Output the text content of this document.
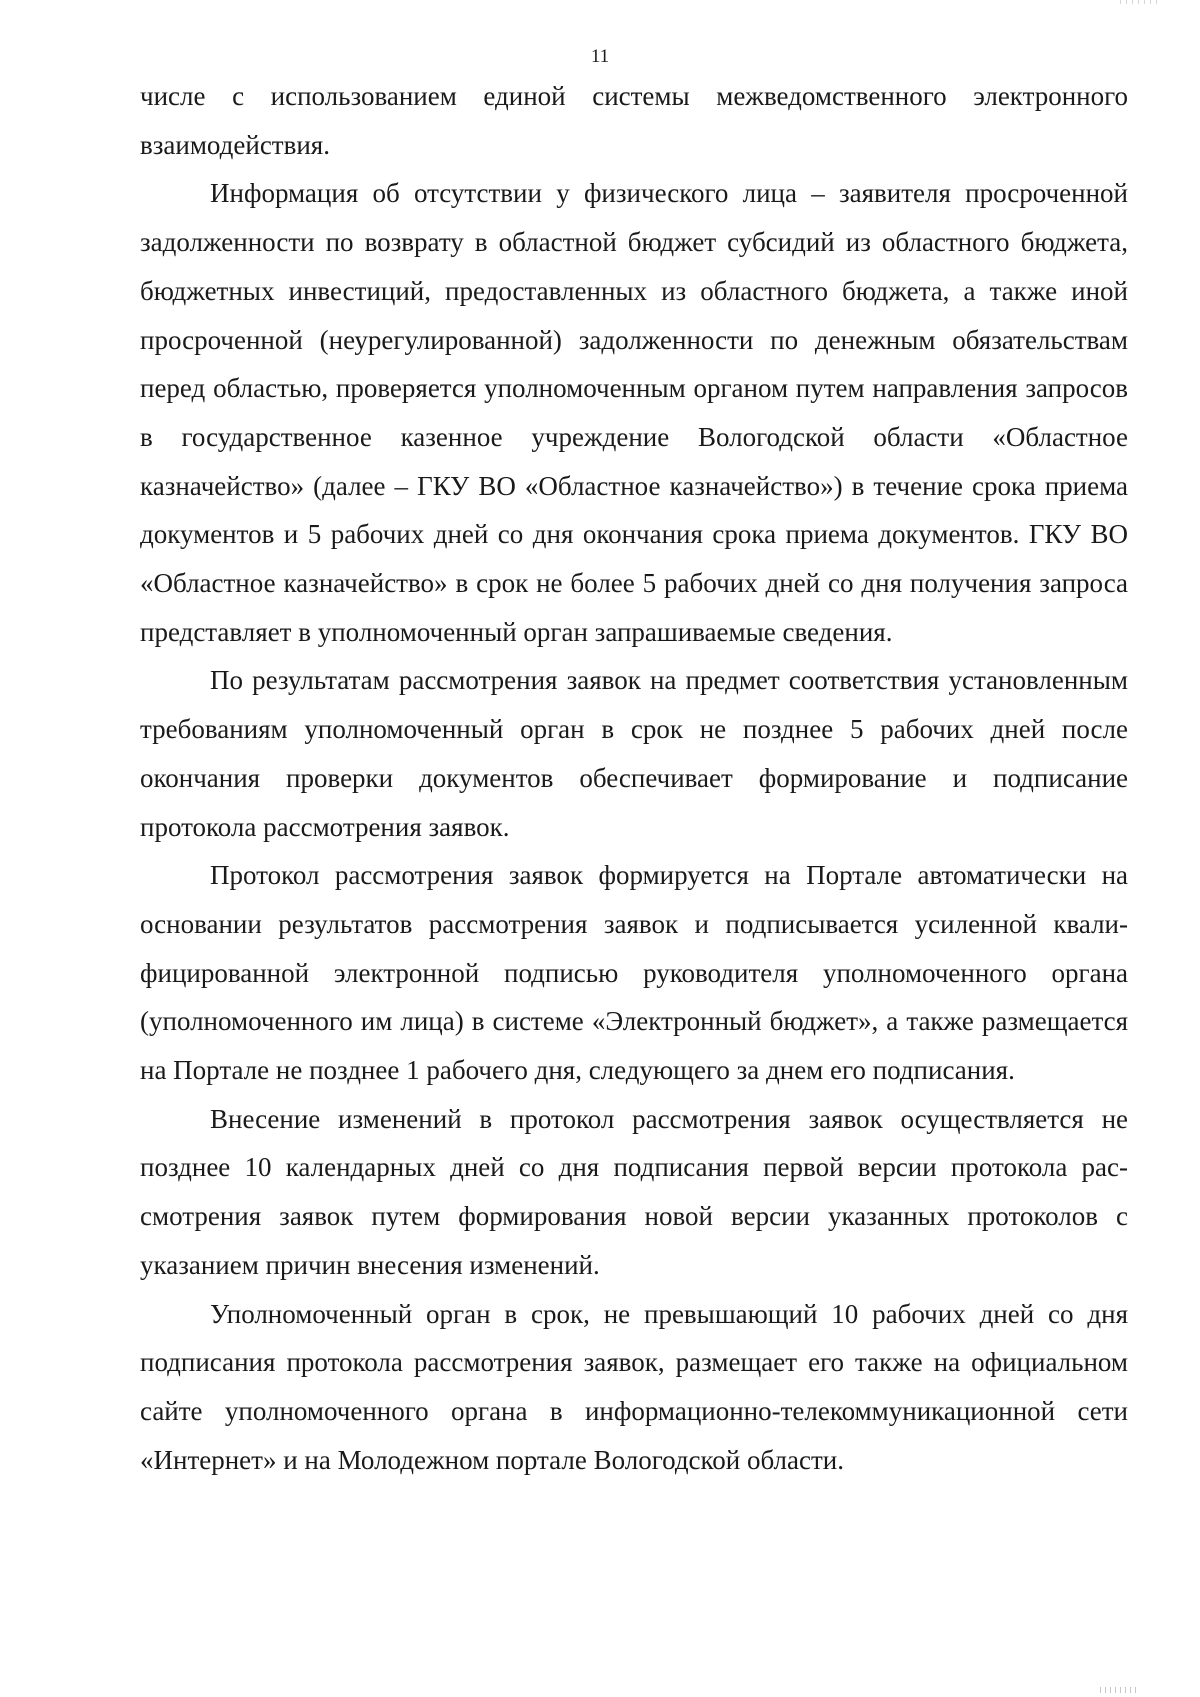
11

числе с использованием единой системы межведомственного электронного взаимодействия.

Информация об отсутствии у физического лица – заявителя просроченной задолженности по возврату в областной бюджет субсидий из областного бюджета, бюджетных инвестиций, предоставленных из областного бюджета, а также иной просроченной (неурегулированной) задолженности по денежным обязательствам перед областью, проверяется уполномоченным органом путем направления запросов в государственное казенное учреждение Вологодской области «Областное казначейство» (далее – ГКУ ВО «Областное казначейство») в течение срока приема документов и 5 рабочих дней со дня окончания срока приема документов. ГКУ ВО «Областное казначейство» в срок не более 5 рабочих дней со дня получения запроса представляет в уполномоченный орган запрашиваемые сведения.

По результатам рассмотрения заявок на предмет соответствия установленным требованиям уполномоченный орган в срок не позднее 5 рабочих дней после окончания проверки документов обеспечивает формирование и подписание протокола рассмотрения заявок.

Протокол рассмотрения заявок формируется на Портале автоматически на основании результатов рассмотрения заявок и подписывается усиленной квалифицированной электронной подписью руководителя уполномоченного органа (уполномоченного им лица) в системе «Электронный бюджет», а также размещается на Портале не позднее 1 рабочего дня, следующего за днем его подписания.

Внесение изменений в протокол рассмотрения заявок осуществляется не позднее 10 календарных дней со дня подписания первой версии протокола рассмотрения заявок путем формирования новой версии указанных протоколов с указанием причин внесения изменений.

Уполномоченный орган в срок, не превышающий 10 рабочих дней со дня подписания протокола рассмотрения заявок, размещает его также на официальном сайте уполномоченного органа в информационно-телекоммуникационной сети «Интернет» и на Молодежном портале Вологодской области.
